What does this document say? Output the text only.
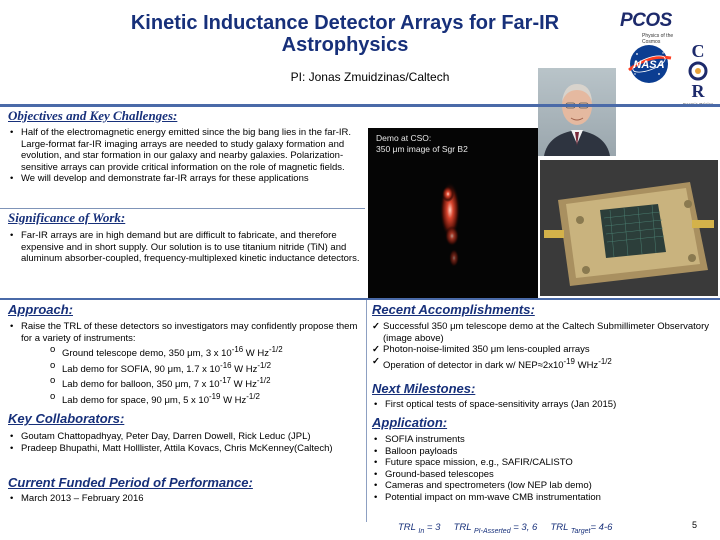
Kinetic Inductance Detector Arrays for Far-IR Astrophysics
PI: Jonas Zmuidzinas/Caltech
PCOS
Physics of the Cosmos
NASA
C
R
Objectives and Key Challenges:
• Half of the electromagnetic energy emitted since the big bang lies in the far-IR. Large-format far-IR imaging arrays are needed to study galaxy formation and evolution, and star formation in our galaxy and nearby galaxies. Polarization-sensitive arrays can provide critical information on the role of magnetic fields.
• We will develop and demonstrate far-IR arrays for these applications
Demo at CSO:
350 μm image of Sgr B2
Significance of Work:
• Far-IR arrays are in high demand but are difficult to fabricate, and therefore expensive and in short supply. Our solution is to use titanium nitride (TiN) and aluminum absorber-coupled, frequency-multiplexed kinetic inductance detectors.
Approach:
• Raise the TRL of these detectors so investigators may confidently propose them for a variety of instruments:
o Ground telescope demo, 350 μm, 3 x $10^{-16}$ W $Hz^{-1/2}$
o Lab demo for SOFIA, 90 μm, 1.7 x $10^{-16}$ W $Hz^{-1/2}$
o Lab demo for balloon, 350 μm, 7 x $10^{-17}$ W $Hz^{-1/2}$
o Lab demo for space, 90 μm, 5 x $10^{-19}$ W $Hz^{-1/2}$
Key Collaborators:
• Goutam Chattopadhyay, Peter Day, Darren Dowell, Rick Leduc (JPL)
• Pradeep Bhupathi, Matt Holllister, Attila Kovacs, Chris McKenney(Caltech)
Current Funded Period of Performance:
• March 2013 – February 2016
Recent Accomplishments:
✓ Successful 350 μm telescope demo at the Caltech Submillimeter Observatory (image above)
✓ Photon-noise-limited 350 μm lens-coupled arrays
✓ Operation of detector in dark w/ $NEP\approx 2x10^{-19}$ WHz$^{-1/2}$
Next Milestones:
• First optical tests of space-sensitivity arrays (Jan 2015)
Application:
• SOFIA instruments
• Balloon payloads
• Future space mission, e.g., SAFIR/CALISTO
• Ground-based telescopes
• Cameras and spectrometers (low NEP lab demo)
• Potential impact on mm-wave CMB instrumentation
TRL $_{In}$ = 3 TRL $_{PI-Asserted}$ = 3, 6 TRL $_{Target}$= 4-6	5
